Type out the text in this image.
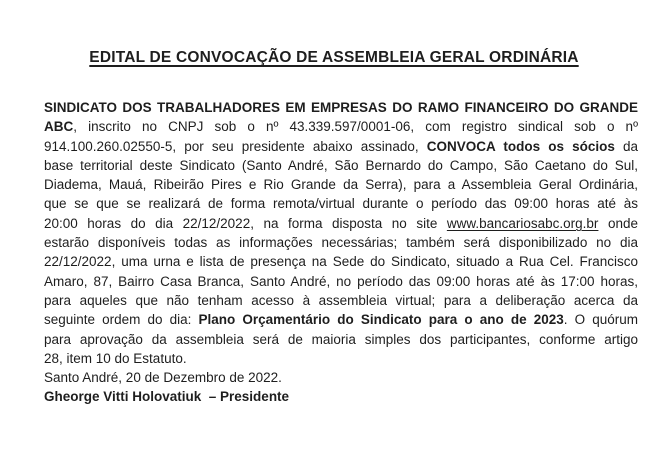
EDITAL DE CONVOCAÇÃO DE ASSEMBLEIA GERAL ORDINÁRIA
SINDICATO DOS TRABALHADORES EM EMPRESAS DO RAMO FINANCEIRO DO GRANDE
ABC, inscrito no CNPJ sob o nº 43.339.597/0001-06, com registro sindical sob o nº
914.100.260.02550-5, por seu presidente abaixo assinado, CONVOCA todos os sócios da
base territorial deste Sindicato (Santo André, São Bernardo do Campo, São Caetano do Sul,
Diadema, Mauá, Ribeirão Pires e Rio Grande da Serra), para a Assembleia Geral Ordinária,
que se que se realizará de forma remota/virtual durante o período das 09:00 horas até às
20:00 horas do dia 22/12/2022, na forma disposta no site www.bancariosabc.org.br onde
estarão disponíveis todas as informações necessárias; também será disponibilizado no dia
22/12/2022, uma urna e lista de presença na Sede do Sindicato, situado a Rua Cel. Francisco
Amaro, 87, Bairro Casa Branca, Santo André, no período das 09:00 horas até às 17:00 horas,
para aqueles que não tenham acesso à assembleia virtual; para a deliberação acerca da
seguinte ordem do dia: Plano Orçamentário do Sindicato para o ano de 2023. O quórum
para aprovação da assembleia será de maioria simples dos participantes, conforme artigo
28, item 10 do Estatuto.
Santo André, 20 de Dezembro de 2022.
Gheorge Vitti Holovatiuk  – Presidente
